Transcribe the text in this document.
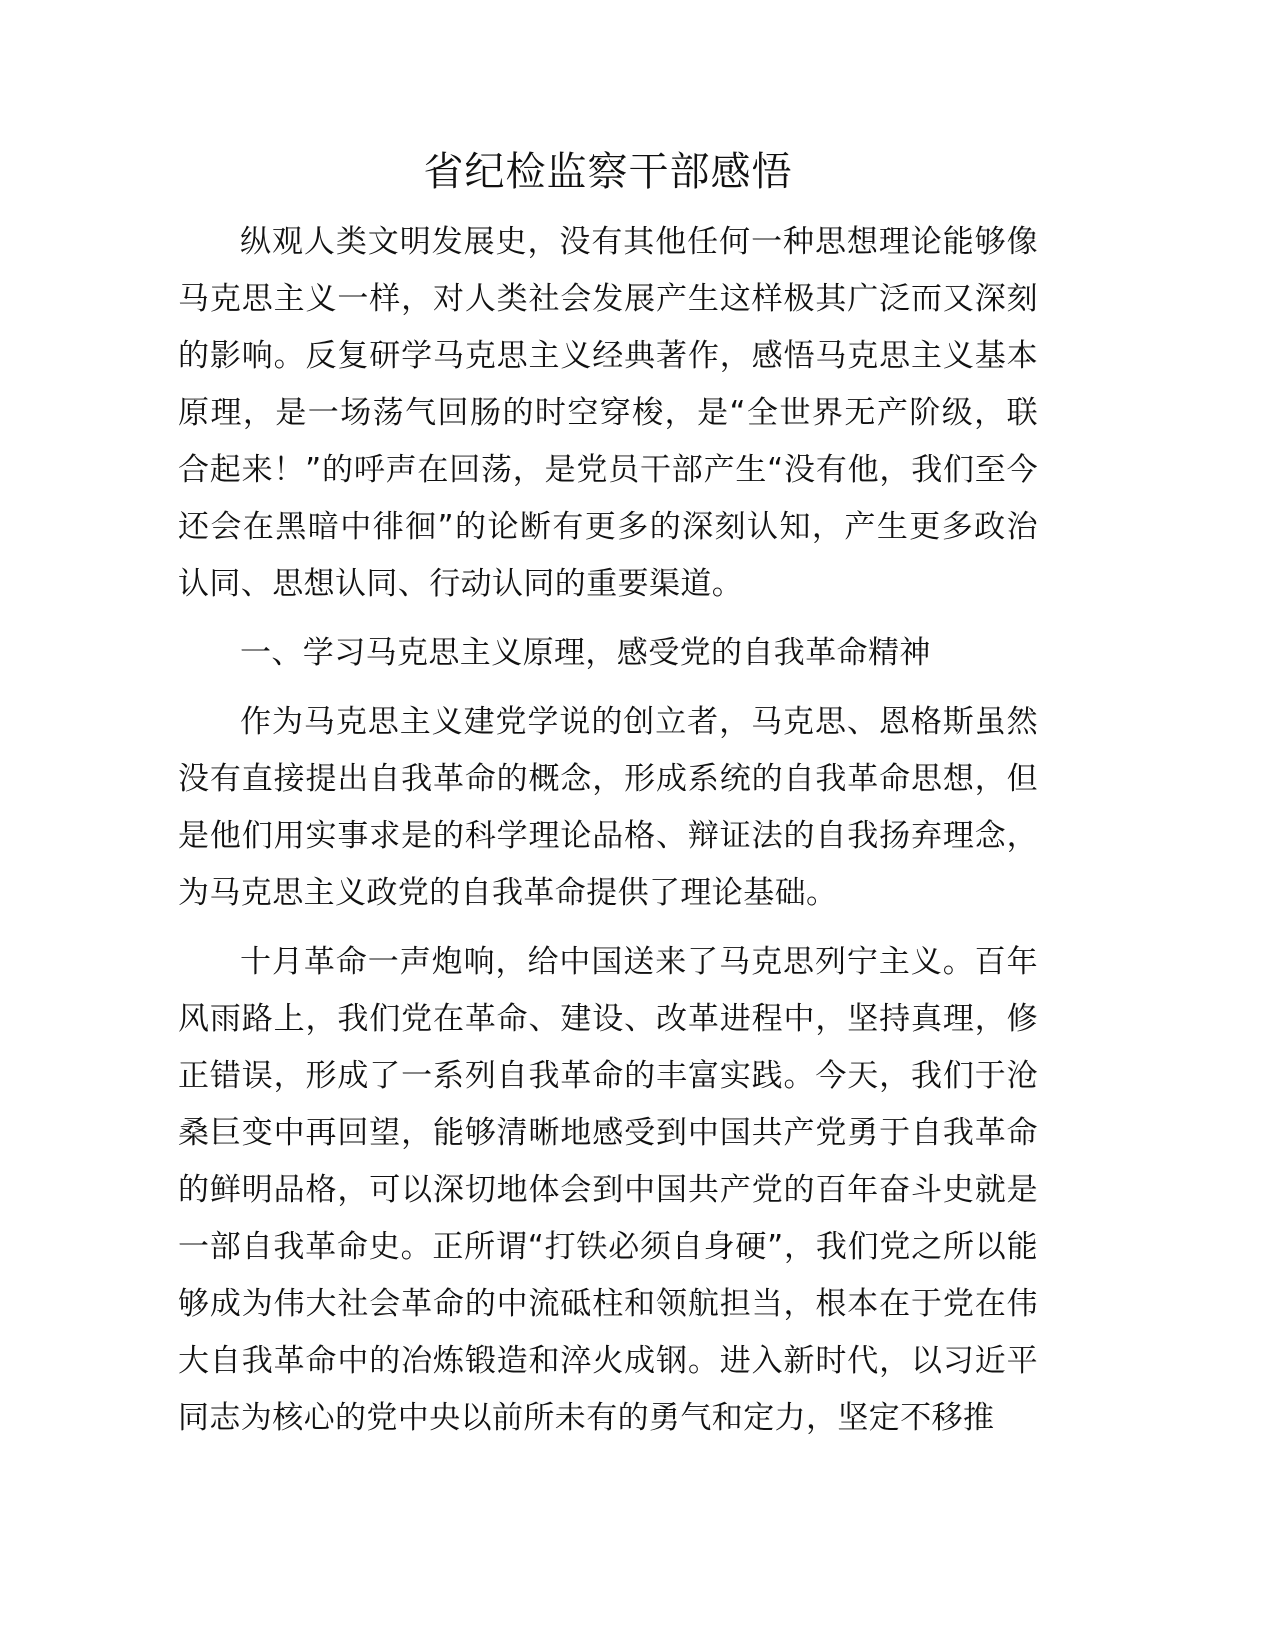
省纪检监察干部感悟

纵观人类文明发展史，没有其他任何一种思想理论能够像马克思主义一样，对人类社会发展产生这样极其广泛而又深刻的影响。反复研学马克思主义经典著作，感悟马克思主义基本原理，是一场荡气回肠的时空穿梭，是“全世界无产阶级，联合起来！”的呼声在回荡，是党员干部产生“没有他，我们至今还会在黑暗中徘徊”的论断有更多的深刻认知，产生更多政治认同、思想认同、行动认同的重要渠道。

一、学习马克思主义原理，感受党的自我革命精神

作为马克思主义建党学说的创立者，马克思、恩格斯虽然没有直接提出自我革命的概念，形成系统的自我革命思想，但是他们用实事求是的科学理论品格、辩证法的自我扬弃理念，为马克思主义政党的自我革命提供了理论基础。

十月革命一声炮响，给中国送来了马克思列宁主义。百年风雨路上，我们党在革命、建设、改革进程中，坚持真理，修正错误，形成了一系列自我革命的丰富实践。今天，我们于沧桑巨变中再回望，能够清晰地感受到中国共产党勇于自我革命的鲜明品格，可以深切地体会到中国共产党的百年奋斗史就是一部自我革命史。正所谓“打铁必须自身硬”，我们党之所以能够成为伟大社会革命的中流砥柱和领航担当，根本在于党在伟大自我革命中的冶炼锻造和淬火成钢。进入新时代，以习近平同志为核心的党中央以前所未有的勇气和定力，坚定不移推
